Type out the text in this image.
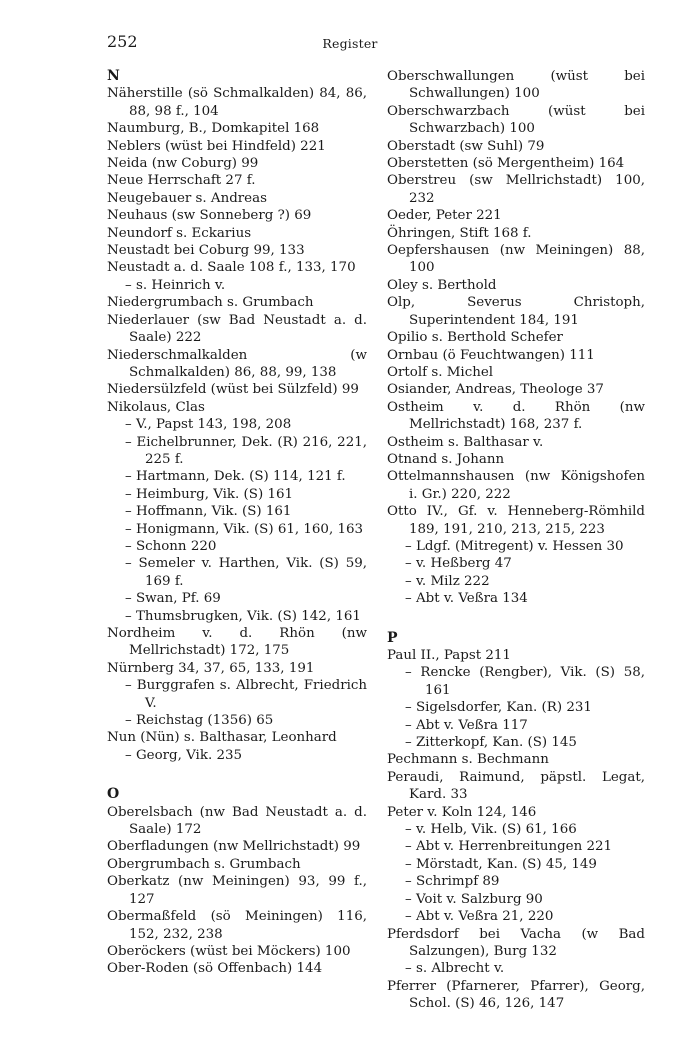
252	Register

N

Näherstille (sö Schmalkalden) 84, 86, 88, 98 f., 104

Naumburg, B., Domkapitel 168

Neblers (wüst bei Hindfeld) 221

Neida (nw Coburg) 99

Neue Herrschaft 27 f.

Neugebauer s. Andreas

Neuhaus (sw Sonneberg ?) 69

Neundorf s. Eckarius

Neustadt bei Coburg 99, 133

Neustadt a. d. Saale 108 f., 133, 170

– s. Heinrich v.

Niedergrumbach s. Grumbach

Niederlauer (sw Bad Neustadt a. d. Saale) 222

Niederschmalkalden (w Schmalkalden) 86, 88, 99, 138

Niedersülzfeld (wüst bei Sülzfeld) 99

Nikolaus, Clas

– V., Papst 143, 198, 208

– Eichelbrunner, Dek. (R) 216, 221, 225 f.

– Hartmann, Dek. (S) 114, 121 f.

– Heimburg, Vik. (S) 161

– Hoffmann, Vik. (S) 161

– Honigmann, Vik. (S) 61, 160, 163

– Schonn 220

– Semeler v. Harthen, Vik. (S) 59, 169 f.

– Swan, Pf. 69

– Thumsbrugken, Vik. (S) 142, 161

Nordheim v. d. Rhön (nw Mellrichstadt) 172, 175

Nürnberg 34, 37, 65, 133, 191

– Burggrafen s. Albrecht, Friedrich V.

– Reichstag (1356) 65

Nun (Nün) s. Balthasar, Leonhard

– Georg, Vik. 235

O

Oberelsbach (nw Bad Neustadt a. d. Saale) 172

Oberfladungen (nw Mellrichstadt) 99

Obergrumbach s. Grumbach

Oberkatz (nw Meiningen) 93, 99 f., 127

Obermaßfeld (sö Meiningen) 116, 152, 232, 238

Oberöckers (wüst bei Möckers) 100

Ober-Roden (sö Offenbach) 144

Oberschwallungen (wüst bei Schwallungen) 100

Oberschwarzbach (wüst bei Schwarzbach) 100

Oberstadt (sw Suhl) 79

Oberstetten (sö Mergentheim) 164

Oberstreu (sw Mellrichstadt) 100, 232

Oeder, Peter 221

Öhringen, Stift 168 f.

Oepfershausen (nw Meiningen) 88, 100

Oley s. Berthold

Olp, Severus Christoph, Superintendent 184, 191

Opilio s. Berthold Schefer

Ornbau (ö Feuchtwangen) 111

Ortolf s. Michel

Osiander, Andreas, Theologe 37

Ostheim v. d. Rhön (nw Mellrichstadt) 168, 237 f.

Ostheim s. Balthasar v.

Otnand s. Johann

Ottelmannshausen (nw Königshofen i. Gr.) 220, 222

Otto IV., Gf. v. Henneberg-Römhild 189, 191, 210, 213, 215, 223

– Ldgf. (Mitregent) v. Hessen 30

– v. Heßberg 47

– v. Milz 222

– Abt v. Veßra 134

P

Paul II., Papst 211

– Rencke (Rengber), Vik. (S) 58, 161

– Sigelsdorfer, Kan. (R) 231

– Abt v. Veßra 117

– Zitterkopf, Kan. (S) 145

Pechmann s. Bechmann

Peraudi, Raimund, päpstl. Legat, Kard. 33

Peter v. Koln 124, 146

– v. Helb, Vik. (S) 61, 166

– Abt v. Herrenbreitungen 221

– Mörstadt, Kan. (S) 45, 149

– Schrimpf 89

– Voit v. Salzburg 90

– Abt v. Veßra 21, 220

Pferdsdorf bei Vacha (w Bad Salzungen), Burg 132

– s. Albrecht v.

Pferrer (Pfarnerer, Pfarrer), Georg, Schol. (S) 46, 126, 147
